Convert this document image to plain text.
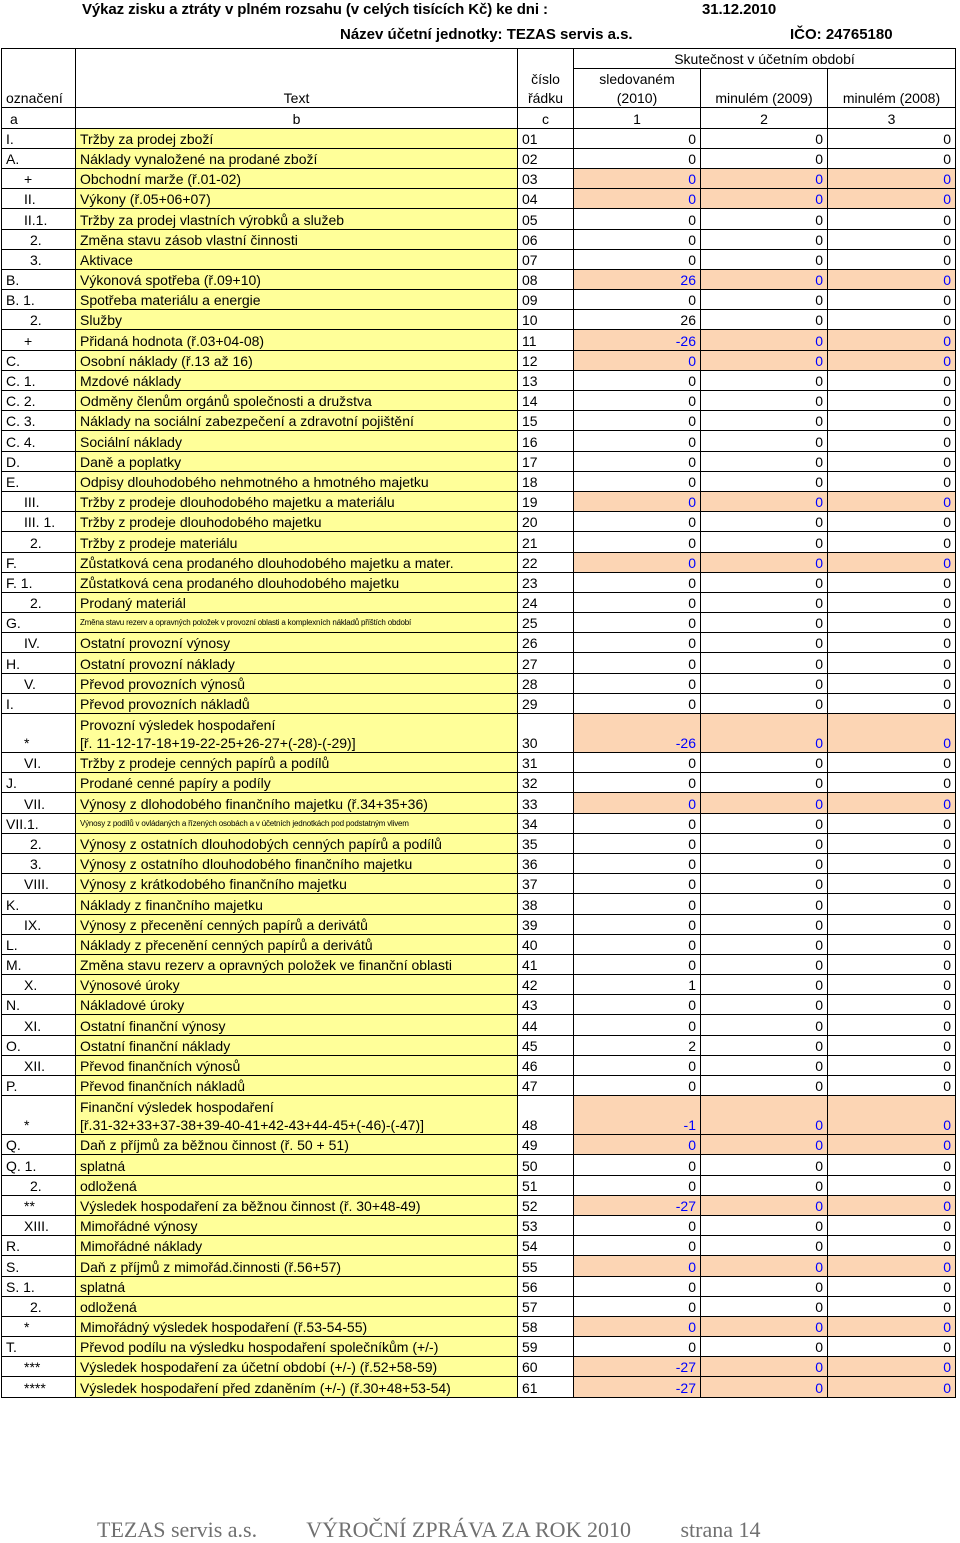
Výkaz zisku a ztráty v plném rozsahu (v celých tisících Kč) ke dni :	31.12.2010
Název účetní jednotky: TEZAS servis a.s.	IČO: 24765180
		číslo	Skutečnost v účetním období		
			sledovaném		
označení	Text	řádku	(2010)	minulém (2009)	minulém (2008)
a	b	c	1	2	3
I.	Tržby za prodej zboží	01	0	0	0
A.	Náklady vynaložené na prodané zboží	02	0	0	0
+	Obchodní marže (ř.01-02)	03	0	0	0
II.	Výkony (ř.05+06+07)	04	0	0	0
II.1.	Tržby za prodej vlastních výrobků a služeb	05	0	0	0
2.	Změna stavu zásob vlastní činnosti	06	0	0	0
3.	Aktivace	07	0	0	0
B.	Výkonová spotřeba (ř.09+10)	08	26	0	0
B. 1.	Spotřeba materiálu a energie	09	0	0	0
2.	Služby	10	26	0	0
+	Přidaná hodnota (ř.03+04-08)	11	-26	0	0
C.	Osobní náklady (ř.13 až 16)	12	0	0	0
C. 1.	Mzdové náklady	13	0	0	0
C. 2.	Odměny členům orgánů společnosti a družstva	14	0	0	0
C. 3.	Náklady na sociální zabezpečení a zdravotní pojištění	15	0	0	0
C. 4.	Sociální náklady	16	0	0	0
D.	Daně a poplatky	17	0	0	0
E.	Odpisy dlouhodobého nehmotného a hmotného majetku	18	0	0	0
III.	Tržby z prodeje dlouhodobého majetku a materiálu	19	0	0	0
III. 1.	Tržby z prodeje dlouhodobého majetku	20	0	0	0
2.	Tržby z prodeje materiálu	21	0	0	0
F.	Zůstatková cena prodaného dlouhodobého majetku a mater.	22	0	0	0
F. 1.	Zůstatková cena prodaného dlouhodobého majetku	23	0	0	0
2.	Prodaný materiál	24	0	0	0
G.	Změna stavu rezerv a opravných položek v provozní oblasti a komplexních nákladů příštích období	25	0	0	0
IV.	Ostatní provozní výnosy	26	0	0	0
H.	Ostatní provozní náklady	27	0	0	0
V.	Převod provozních výnosů	28	0	0	0
I.	Převod provozních nákladů	29	0	0	0
*	Provozní výsledek hospodaření
[ř. 11-12-17-18+19-22-25+26-27+(-28)-(-29)]	30	-26	0	0
VI.	Tržby z prodeje cenných papírů a podílů	31	0	0	0
J.	Prodané cenné papíry a podíly	32	0	0	0
VII.	Výnosy z dlohodobého finančního majetku (ř.34+35+36)	33	0	0	0
VII.1.	Výnosy z podílů v ovládaných a řízených osobách a v účetních jednotkách pod podstatným vlivem	34	0	0	0
2.	Výnosy z ostatních dlouhodobých cenných papírů a podílů	35	0	0	0
3.	Výnosy z ostatního dlouhodobého finančního majetku	36	0	0	0
VIII.	Výnosy z krátkodobého finančního majetku	37	0	0	0
K.	Náklady z finančního majetku	38	0	0	0
IX.	Výnosy z přecenění cenných papírů a derivátů	39	0	0	0
L.	Náklady z přecenění cenných papírů a derivátů	40	0	0	0
M.	Změna stavu rezerv a opravných položek ve finanční oblasti	41	0	0	0
X.	Výnosové úroky	42	1	0	0
N.	Nákladové úroky	43	0	0	0
XI.	Ostatní finanční výnosy	44	0	0	0
O.	Ostatní finanční náklady	45	2	0	0
XII.	Převod finančních výnosů	46	0	0	0
P.	Převod finančních nákladů	47	0	0	0
*	Finanční výsledek hospodaření
[ř.31-32+33+37-38+39-40-41+42-43+44-45+(-46)-(-47)]	48	-1	0	0
Q.	Daň z příjmů za běžnou činnost (ř. 50 + 51)	49	0	0	0
Q. 1.	splatná	50	0	0	0
2.	odložená	51	0	0	0
**	Výsledek hospodaření za běžnou činnost (ř. 30+48-49)	52	-27	0	0
XIII.	Mimořádné výnosy	53	0	0	0
R.	Mimořádné náklady	54	0	0	0
S.	Daň z příjmů z mimořád.činnosti (ř.56+57)	55	0	0	0
S. 1.	splatná	56	0	0	0
2.	odložená	57	0	0	0
*	Mimořádný výsledek hospodaření (ř.53-54-55)	58	0	0	0
T.	Převod podílu na výsledku hospodaření společníkům (+/-)	59	0	0	0
***	Výsledek hospodaření za účetní období (+/-) (ř.52+58-59)	60	-27	0	0
****	Výsledek hospodaření před zdaněním (+/-) (ř.30+48+53-54)	61	-27	0	0
TEZAS servis a.s. VÝROČNÍ ZPRÁVA ZA ROK 2010 strana 14
